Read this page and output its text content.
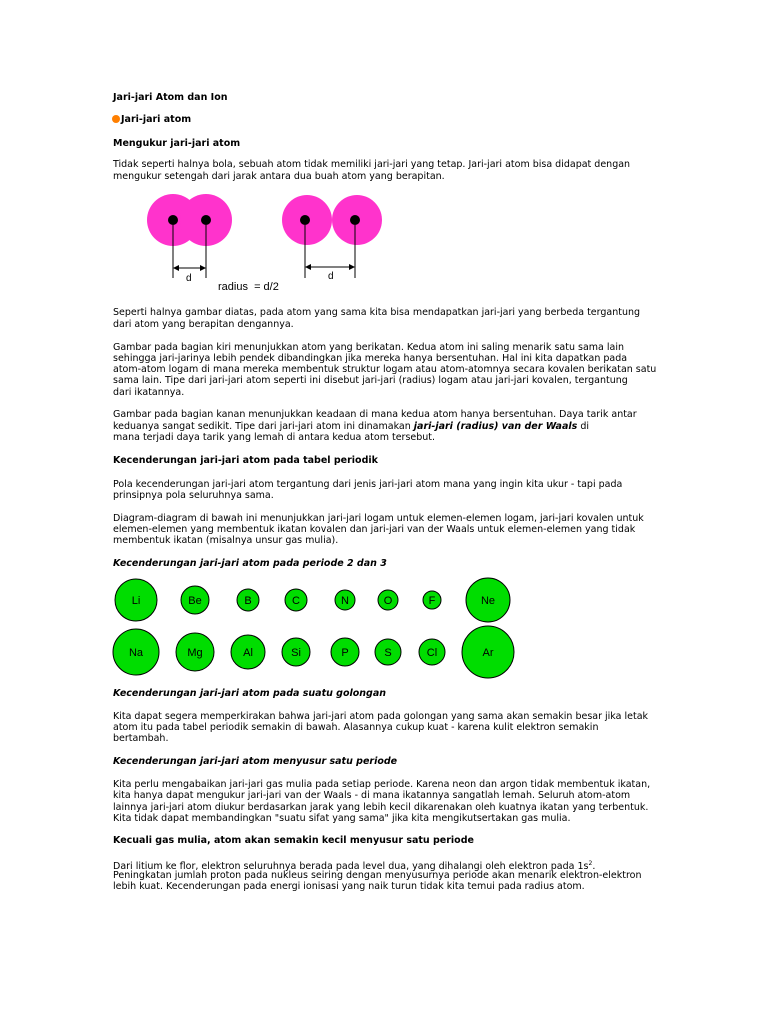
Jari-jari Atom dan Ion
Jari-jari atom
Mengukur jari-jari atom
Tidak seperti halnya bola, sebuah atom tidak memiliki jari-jari yang tetap. Jari-jari atom bisa didapat dengan
mengukur setengah dari jarak antara dua buah atom yang berapitan.
d	d
radius  = d/2
Seperti halnya gambar diatas, pada atom yang sama kita bisa mendapatkan jari-jari yang berbeda tergantung
dari atom yang berapitan dengannya.
Gambar pada bagian kiri menunjukkan atom yang berikatan. Kedua atom ini saling menarik satu sama lain
sehingga jari-jarinya lebih pendek dibandingkan jika mereka hanya bersentuhan. Hal ini kita dapatkan pada
atom-atom logam di mana mereka membentuk struktur logam atau atom-atomnya secara kovalen berikatan satu
sama lain. Tipe dari jari-jari atom seperti ini disebut jari-jari (radius) logam atau jari-jari kovalen, tergantung
dari ikatannya.
Gambar pada bagian kanan menunjukkan keadaan di mana kedua atom hanya bersentuhan. Daya tarik antar
keduanya sangat sedikit. Tipe dari jari-jari atom ini dinamakan jari-jari (radius) van der Waals di
mana terjadi daya tarik yang lemah di antara kedua atom tersebut.
Kecenderungan jari-jari atom pada tabel periodik
Pola kecenderungan jari-jari atom tergantung dari jenis jari-jari atom mana yang ingin kita ukur - tapi pada
prinsipnya pola seluruhnya sama.
Diagram-diagram di bawah ini menunjukkan jari-jari logam untuk elemen-elemen logam, jari-jari kovalen untuk
elemen-elemen yang membentuk ikatan kovalen dan jari-jari van der Waals untuk elemen-elemen yang tidak
membentuk ikatan (misalnya unsur gas mulia).
Kecenderungan jari-jari atom pada periode 2 dan 3
Li	Be	B	C	N	O	F	Ne
Na	Mg	Al	Si	P	S	Cl	Ar
Kecenderungan jari-jari atom pada suatu golongan
Kita dapat segera memperkirakan bahwa jari-jari atom pada golongan yang sama akan semakin besar jika letak
atom itu pada tabel periodik semakin di bawah. Alasannya cukup kuat - karena kulit elektron semakin
bertambah.
Kecenderungan jari-jari atom menyusur satu periode
Kita perlu mengabaikan jari-jari gas mulia pada setiap periode. Karena neon dan argon tidak membentuk ikatan,
kita hanya dapat mengukur jari-jari van der Waals - di mana ikatannya sangatlah lemah. Seluruh atom-atom
lainnya jari-jari atom diukur berdasarkan jarak yang lebih kecil dikarenakan oleh kuatnya ikatan yang terbentuk.
Kita tidak dapat membandingkan "suatu sifat yang sama" jika kita mengikutsertakan gas mulia.
Kecuali gas mulia, atom akan semakin kecil menyusur satu periode
Dari litium ke flor, elektron seluruhnya berada pada level dua, yang dihalangi oleh elektron pada $1s^2$.
Peningkatan jumlah proton pada nukleus seiring dengan menyusurnya periode akan menarik elektron-elektron
lebih kuat. Kecenderungan pada energi ionisasi yang naik turun tidak kita temui pada radius atom.
